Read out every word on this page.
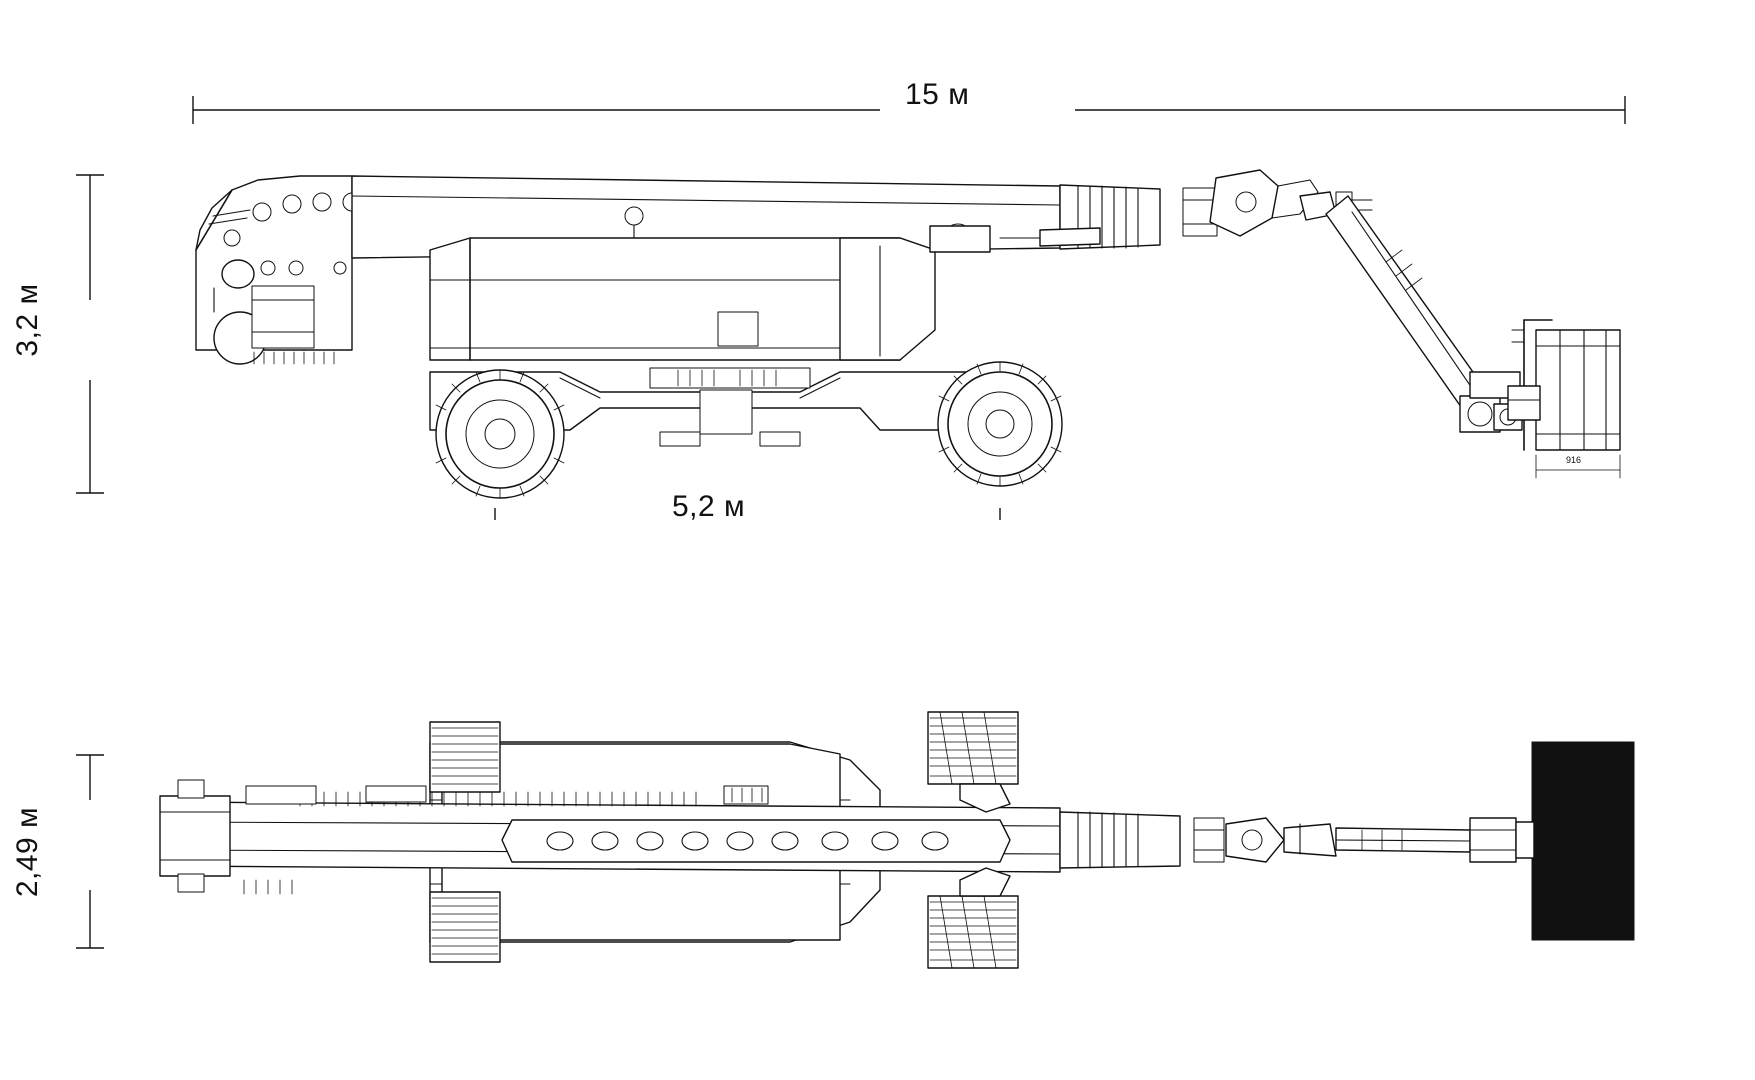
15 м
3,2 м
5,2 м
916
2,49 м
